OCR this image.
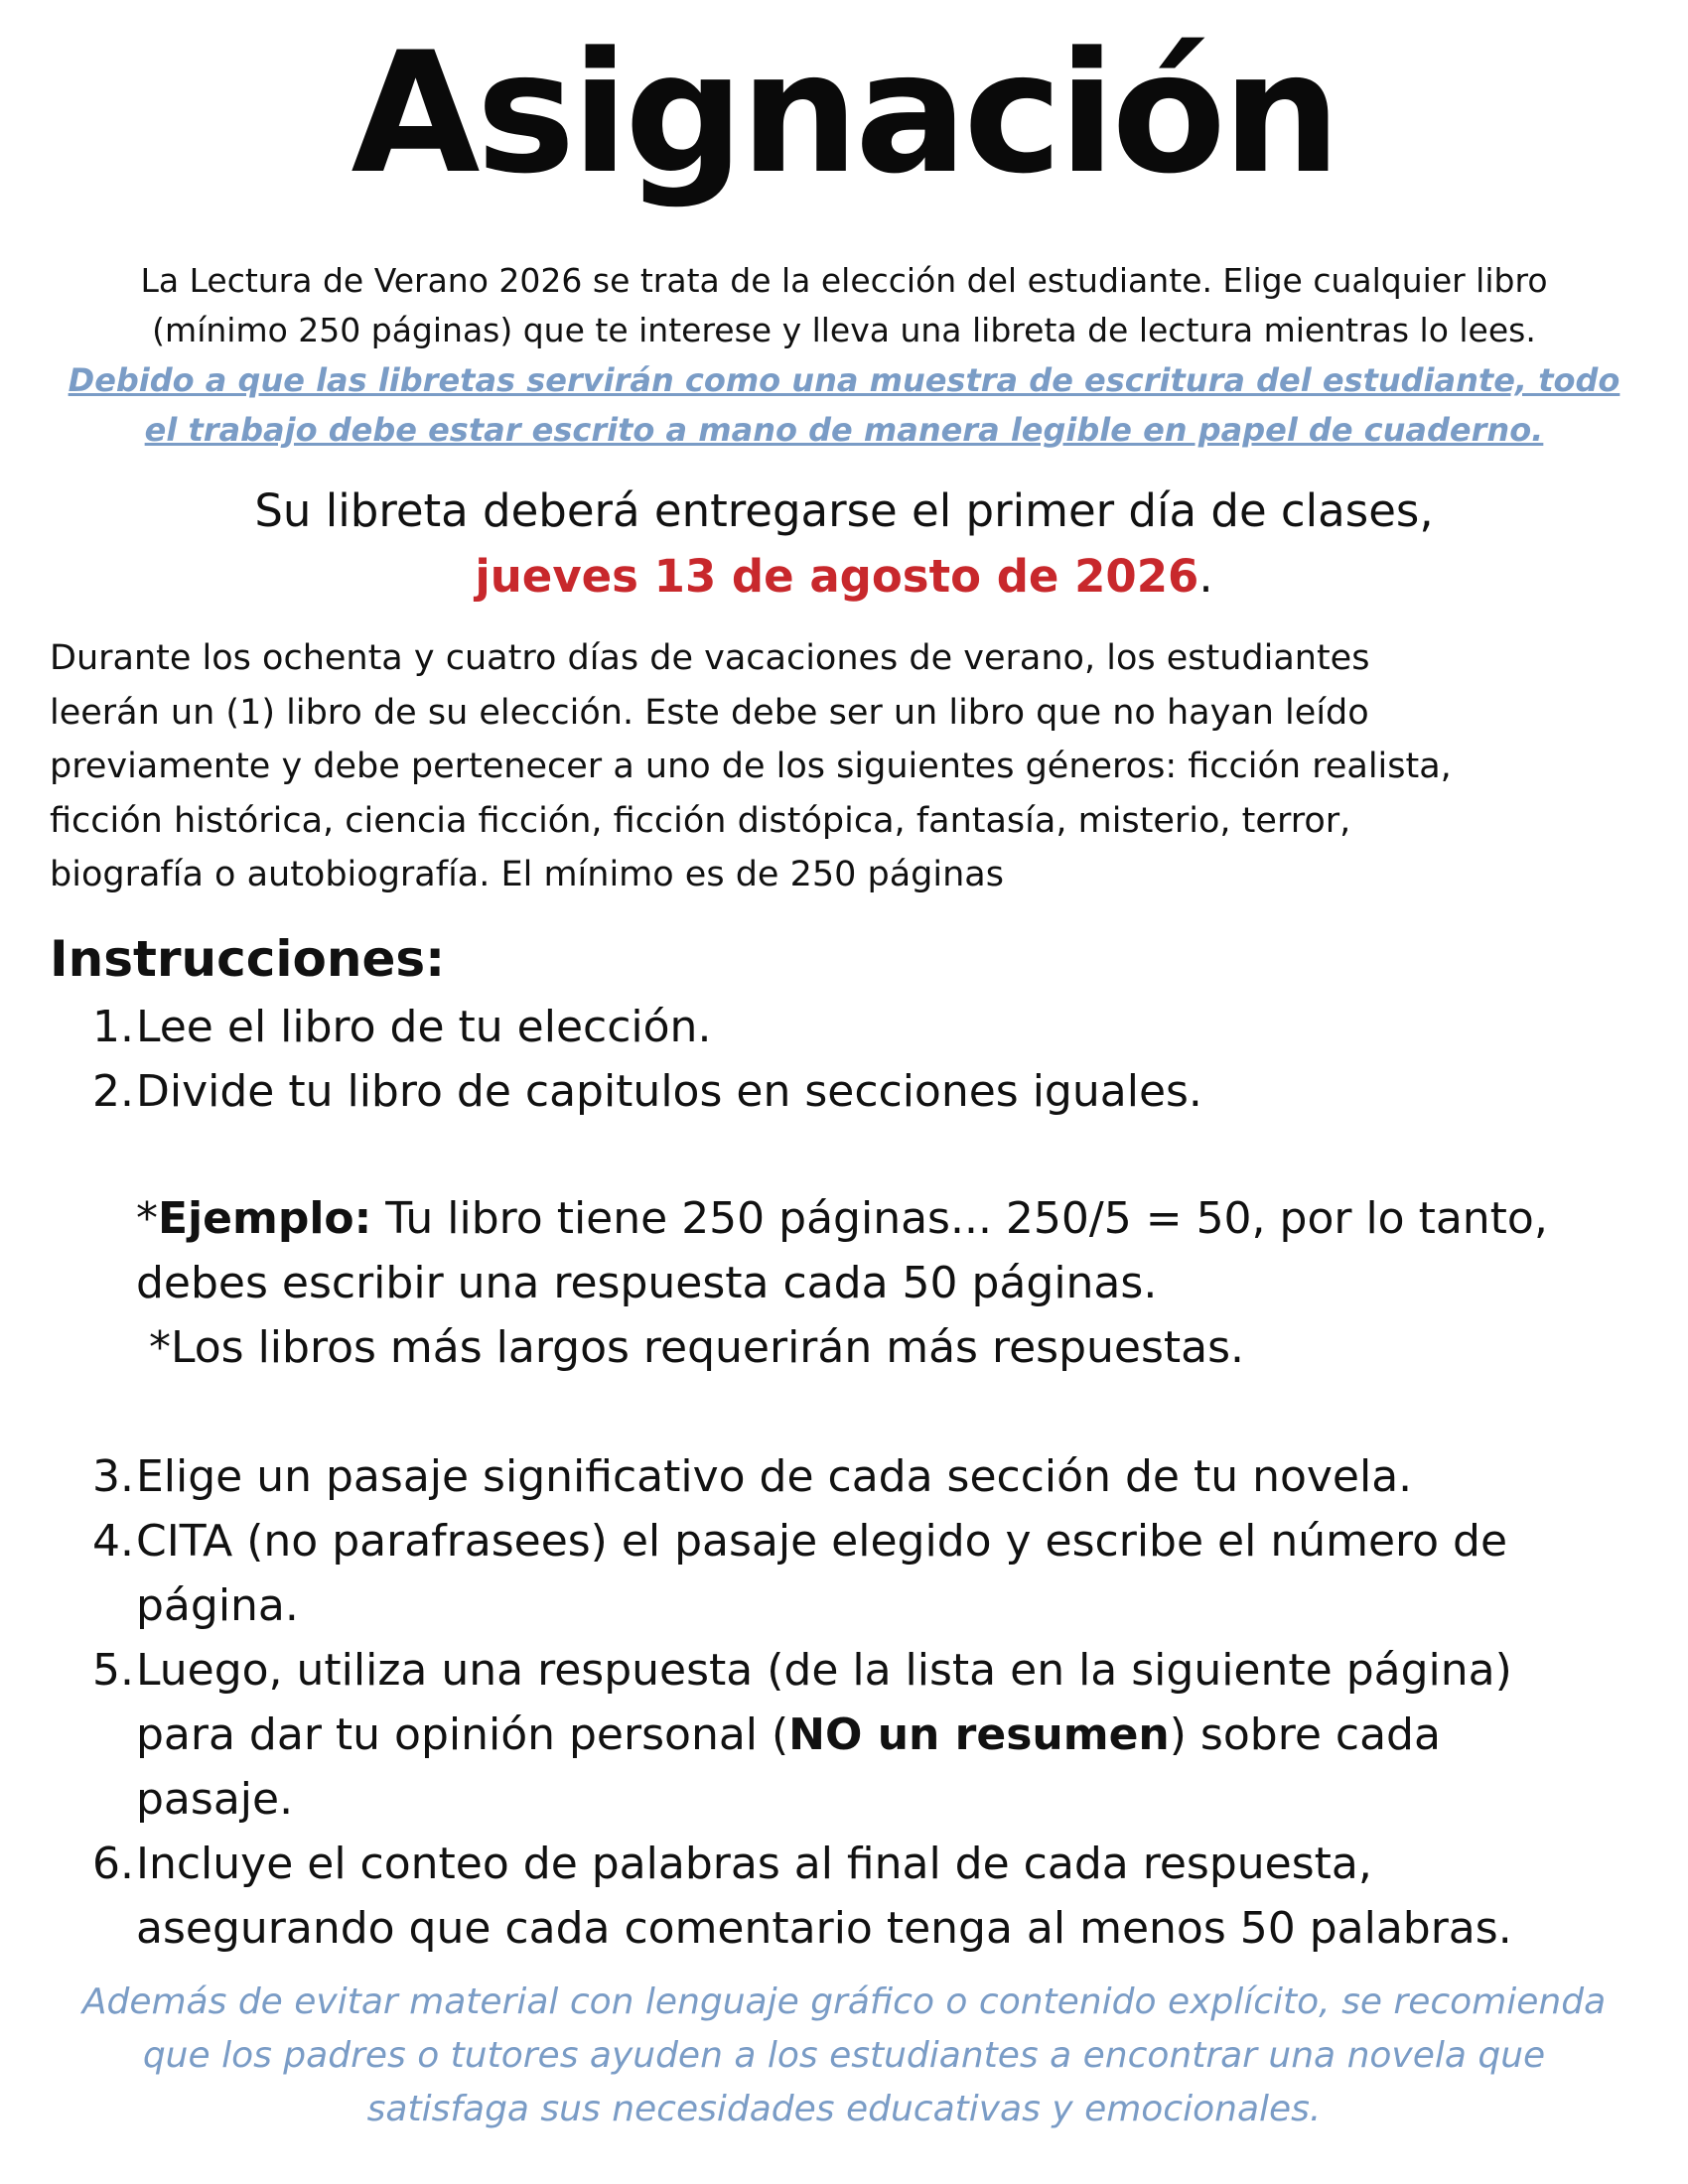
Asignación
La Lectura de Verano 2026 se trata de la elección del estudiante. Elige cualquier libro
(mínimo 250 páginas) que te interese y lleva una libreta de lectura mientras lo lees.
Debido a que las libretas servirán como una muestra de escritura del estudiante, todo
el trabajo debe estar escrito a mano de manera legible en papel de cuaderno.
Su libreta deberá entregarse el primer día de clases,
jueves 13 de agosto de 2026.
Durante los ochenta y cuatro días de vacaciones de verano, los estudiantes
leerán un (1) libro de su elección. Este debe ser un libro que no hayan leído
previamente y debe pertenecer a uno de los siguientes géneros: ficción realista,
ficción histórica, ciencia ficción, ficción distópica, fantasía, misterio, terror,
biografía o autobiografía. El mínimo es de 250 páginas
Instrucciones:
1. Lee el libro de tu elección.
2. Divide tu libro de capitulos en secciones iguales.
*Ejemplo: Tu libro tiene 250 páginas... 250/5 = 50, por lo tanto,
debes escribir una respuesta cada 50 páginas.
*Los libros más largos requerirán más respuestas.
3. Elige un pasaje significativo de cada sección de tu novela.
4. CITA (no parafrasees) el pasaje elegido y escribe el número de
página.
5. Luego, utiliza una respuesta (de la lista en la siguiente página)
para dar tu opinión personal (NO un resumen) sobre cada
pasaje.
6. Incluye el conteo de palabras al final de cada respuesta,
asegurando que cada comentario tenga al menos 50 palabras.
Además de evitar material con lenguaje gráfico o contenido explícito, se recomienda
que los padres o tutores ayuden a los estudiantes a encontrar una novela que
satisfaga sus necesidades educativas y emocionales.
